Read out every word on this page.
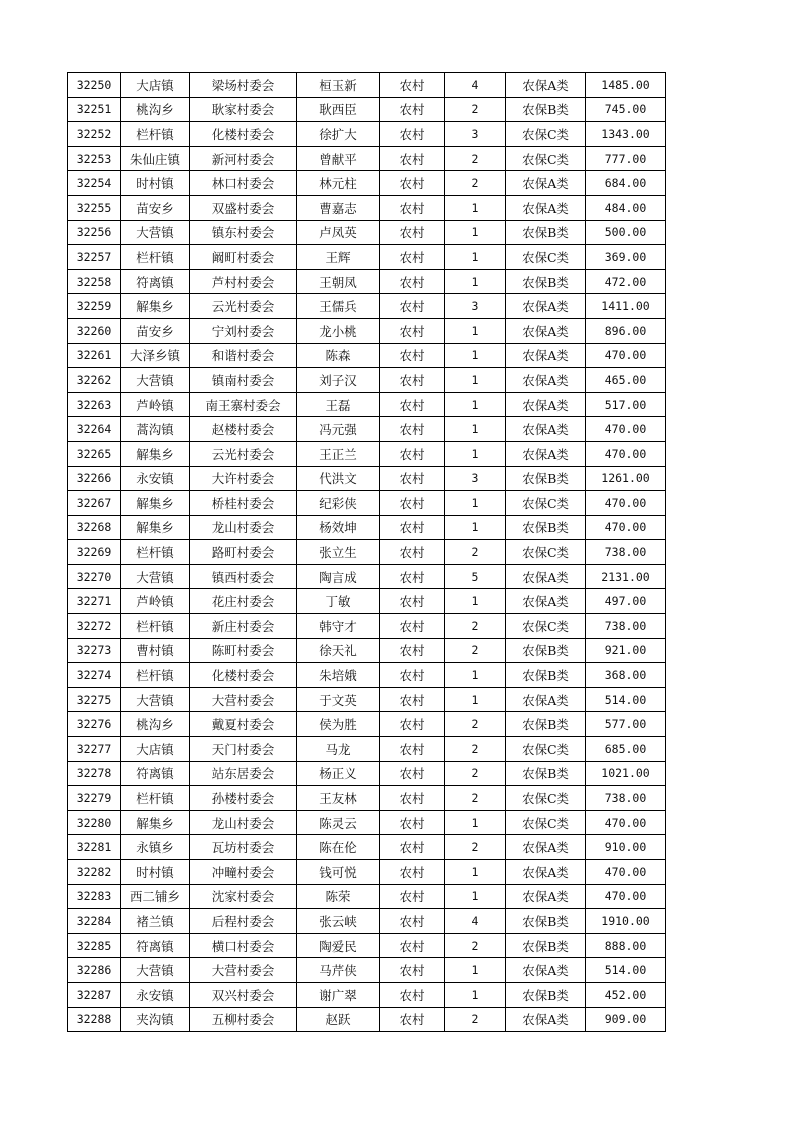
32250	大店镇	梁场村委会	桓玉新	农村	4	农保A类	1485.00
32251	桃沟乡	耿家村委会	耿西臣	农村	2	农保B类	745.00
32252	栏杆镇	化楼村委会	徐扩大	农村	3	农保C类	1343.00
32253	朱仙庄镇	新河村委会	曾献平	农村	2	农保C类	777.00
32254	时村镇	林口村委会	林元柱	农村	2	农保A类	684.00
32255	苗安乡	双盛村委会	曹嘉志	农村	1	农保A类	484.00
32256	大营镇	镇东村委会	卢凤英	农村	1	农保B类	500.00
32257	栏杆镇	阚町村委会	王辉	农村	1	农保C类	369.00
32258	符离镇	芦村村委会	王朝凤	农村	1	农保B类	472.00
32259	解集乡	云光村委会	王儒兵	农村	3	农保A类	1411.00
32260	苗安乡	宁刘村委会	龙小桃	农村	1	农保A类	896.00
32261	大泽乡镇	和谐村委会	陈森	农村	1	农保A类	470.00
32262	大营镇	镇南村委会	刘子汉	农村	1	农保A类	465.00
32263	芦岭镇	南王寨村委会	王磊	农村	1	农保A类	517.00
32264	蒿沟镇	赵楼村委会	冯元强	农村	1	农保A类	470.00
32265	解集乡	云光村委会	王正兰	农村	1	农保A类	470.00
32266	永安镇	大许村委会	代洪文	农村	3	农保B类	1261.00
32267	解集乡	桥桂村委会	纪彩侠	农村	1	农保C类	470.00
32268	解集乡	龙山村委会	杨效坤	农村	1	农保B类	470.00
32269	栏杆镇	路町村委会	张立生	农村	2	农保C类	738.00
32270	大营镇	镇西村委会	陶言成	农村	5	农保A类	2131.00
32271	芦岭镇	花庄村委会	丁敏	农村	1	农保A类	497.00
32272	栏杆镇	新庄村委会	韩守才	农村	2	农保C类	738.00
32273	曹村镇	陈町村委会	徐天礼	农村	2	农保B类	921.00
32274	栏杆镇	化楼村委会	朱培娥	农村	1	农保B类	368.00
32275	大营镇	大营村委会	于文英	农村	1	农保A类	514.00
32276	桃沟乡	戴夏村委会	侯为胜	农村	2	农保B类	577.00
32277	大店镇	天门村委会	马龙	农村	2	农保C类	685.00
32278	符离镇	站东居委会	杨正义	农村	2	农保B类	1021.00
32279	栏杆镇	孙楼村委会	王友林	农村	2	农保C类	738.00
32280	解集乡	龙山村委会	陈灵云	农村	1	农保C类	470.00
32281	永镇乡	瓦坊村委会	陈在伦	农村	2	农保A类	910.00
32282	时村镇	冲疃村委会	钱可悦	农村	1	农保A类	470.00
32283	西二铺乡	沈家村委会	陈荣	农村	1	农保A类	470.00
32284	褚兰镇	后程村委会	张云峡	农村	4	农保B类	1910.00
32285	符离镇	横口村委会	陶爱民	农村	2	农保B类	888.00
32286	大营镇	大营村委会	马芹侠	农村	1	农保A类	514.00
32287	永安镇	双兴村委会	谢广翠	农村	1	农保B类	452.00
32288	夹沟镇	五柳村委会	赵跃	农村	2	农保A类	909.00
